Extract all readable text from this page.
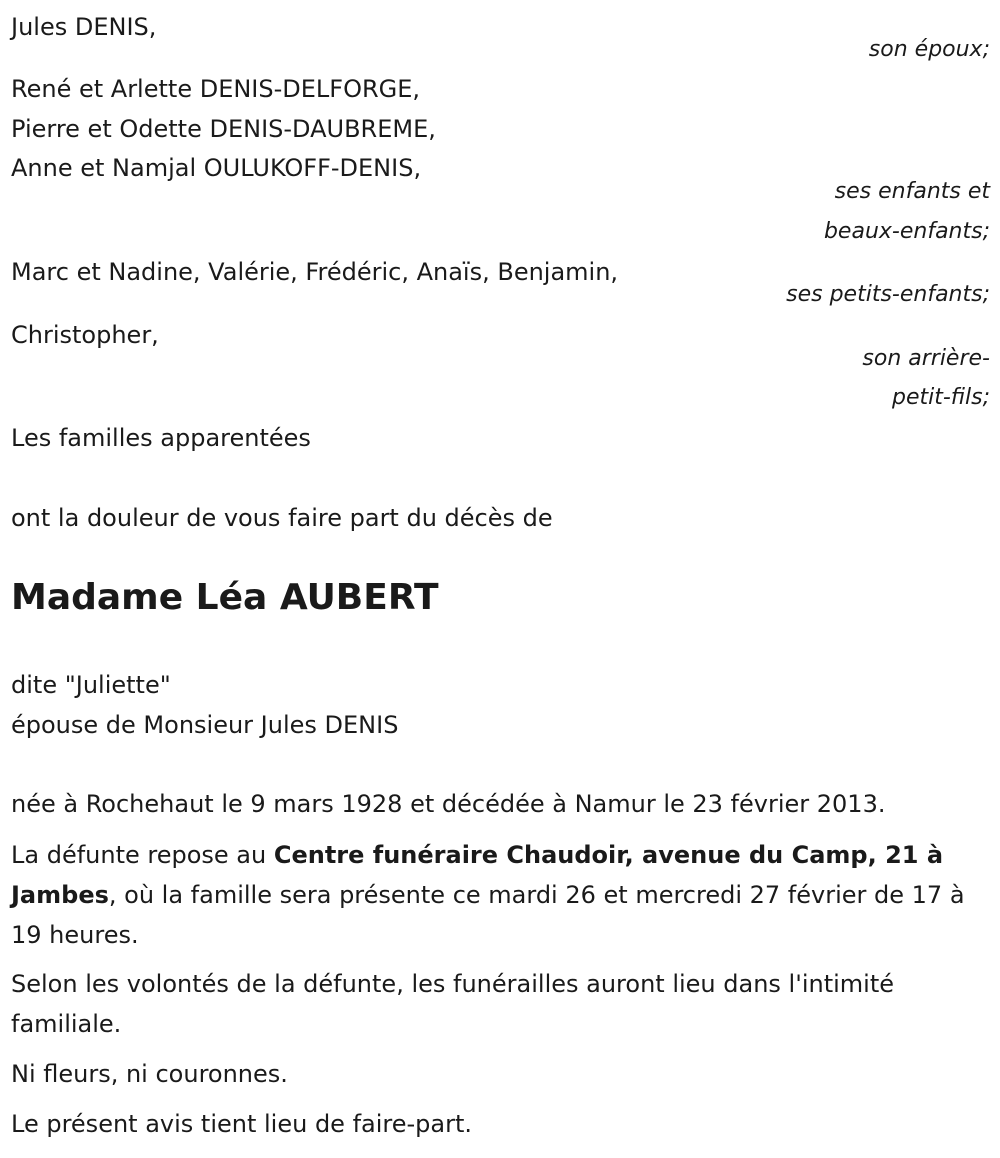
Jules DENIS,
son époux;
René et Arlette DENIS-DELFORGE,
Pierre et Odette DENIS-DAUBREME,
Anne et Namjal OULUKOFF-DENIS,
ses enfants et
beaux-enfants;
Marc et Nadine, Valérie, Frédéric, Anaïs, Benjamin,
ses petits-enfants;
Christopher,
son arrière-
petit-fils;
Les familles apparentées
ont la douleur de vous faire part du décès de
Madame Léa AUBERT
dite "Juliette"
épouse de Monsieur Jules DENIS
née à Rochehaut le 9 mars 1928 et décédée à Namur le 23 février 2013.
La défunte repose au Centre funéraire Chaudoir, avenue du Camp, 21 à Jambes, où la famille sera présente ce mardi 26 et mercredi 27 février de 17 à 19 heures.
Selon les volontés de la défunte, les funérailles auront lieu dans l'intimité familiale.
Ni fleurs, ni couronnes.
Le présent avis tient lieu de faire-part.
